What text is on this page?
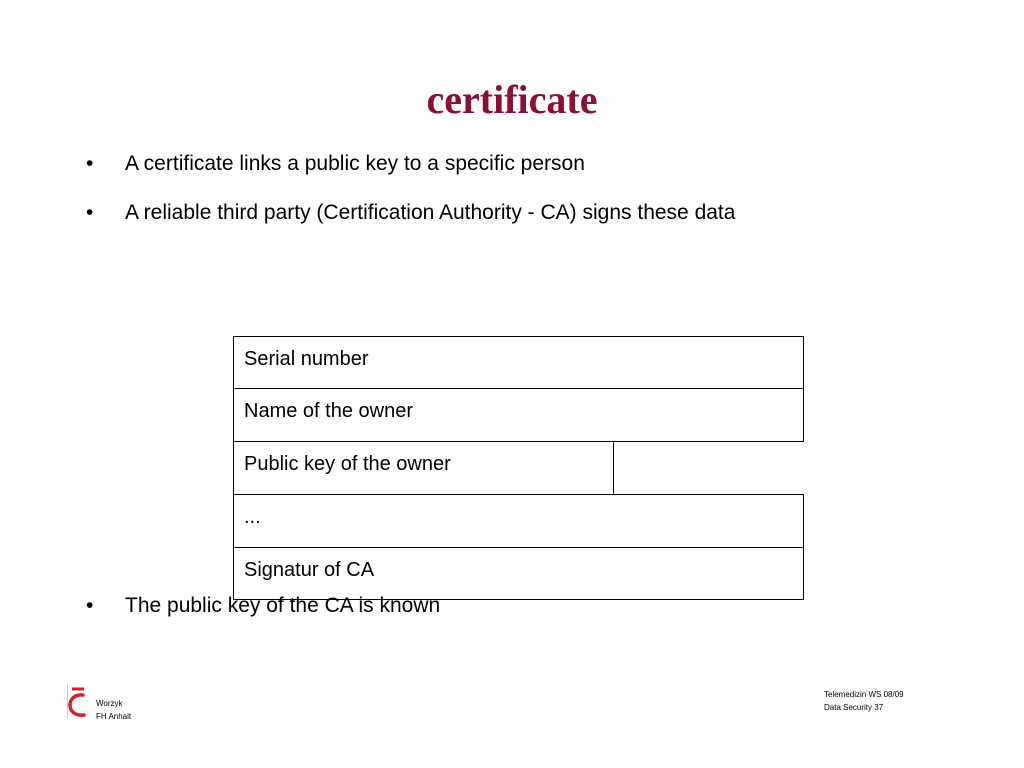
certificate
• A certificate links a public key to a specific person
• A reliable third party (Certification Authority - CA) signs these data
Serial number
Name of the owner
Public key of the owner
...
Signatur of CA
• The public key of the CA is known
Worzyk
FH Anhalt
Telemedizin WS 08/09
Data Security 37
